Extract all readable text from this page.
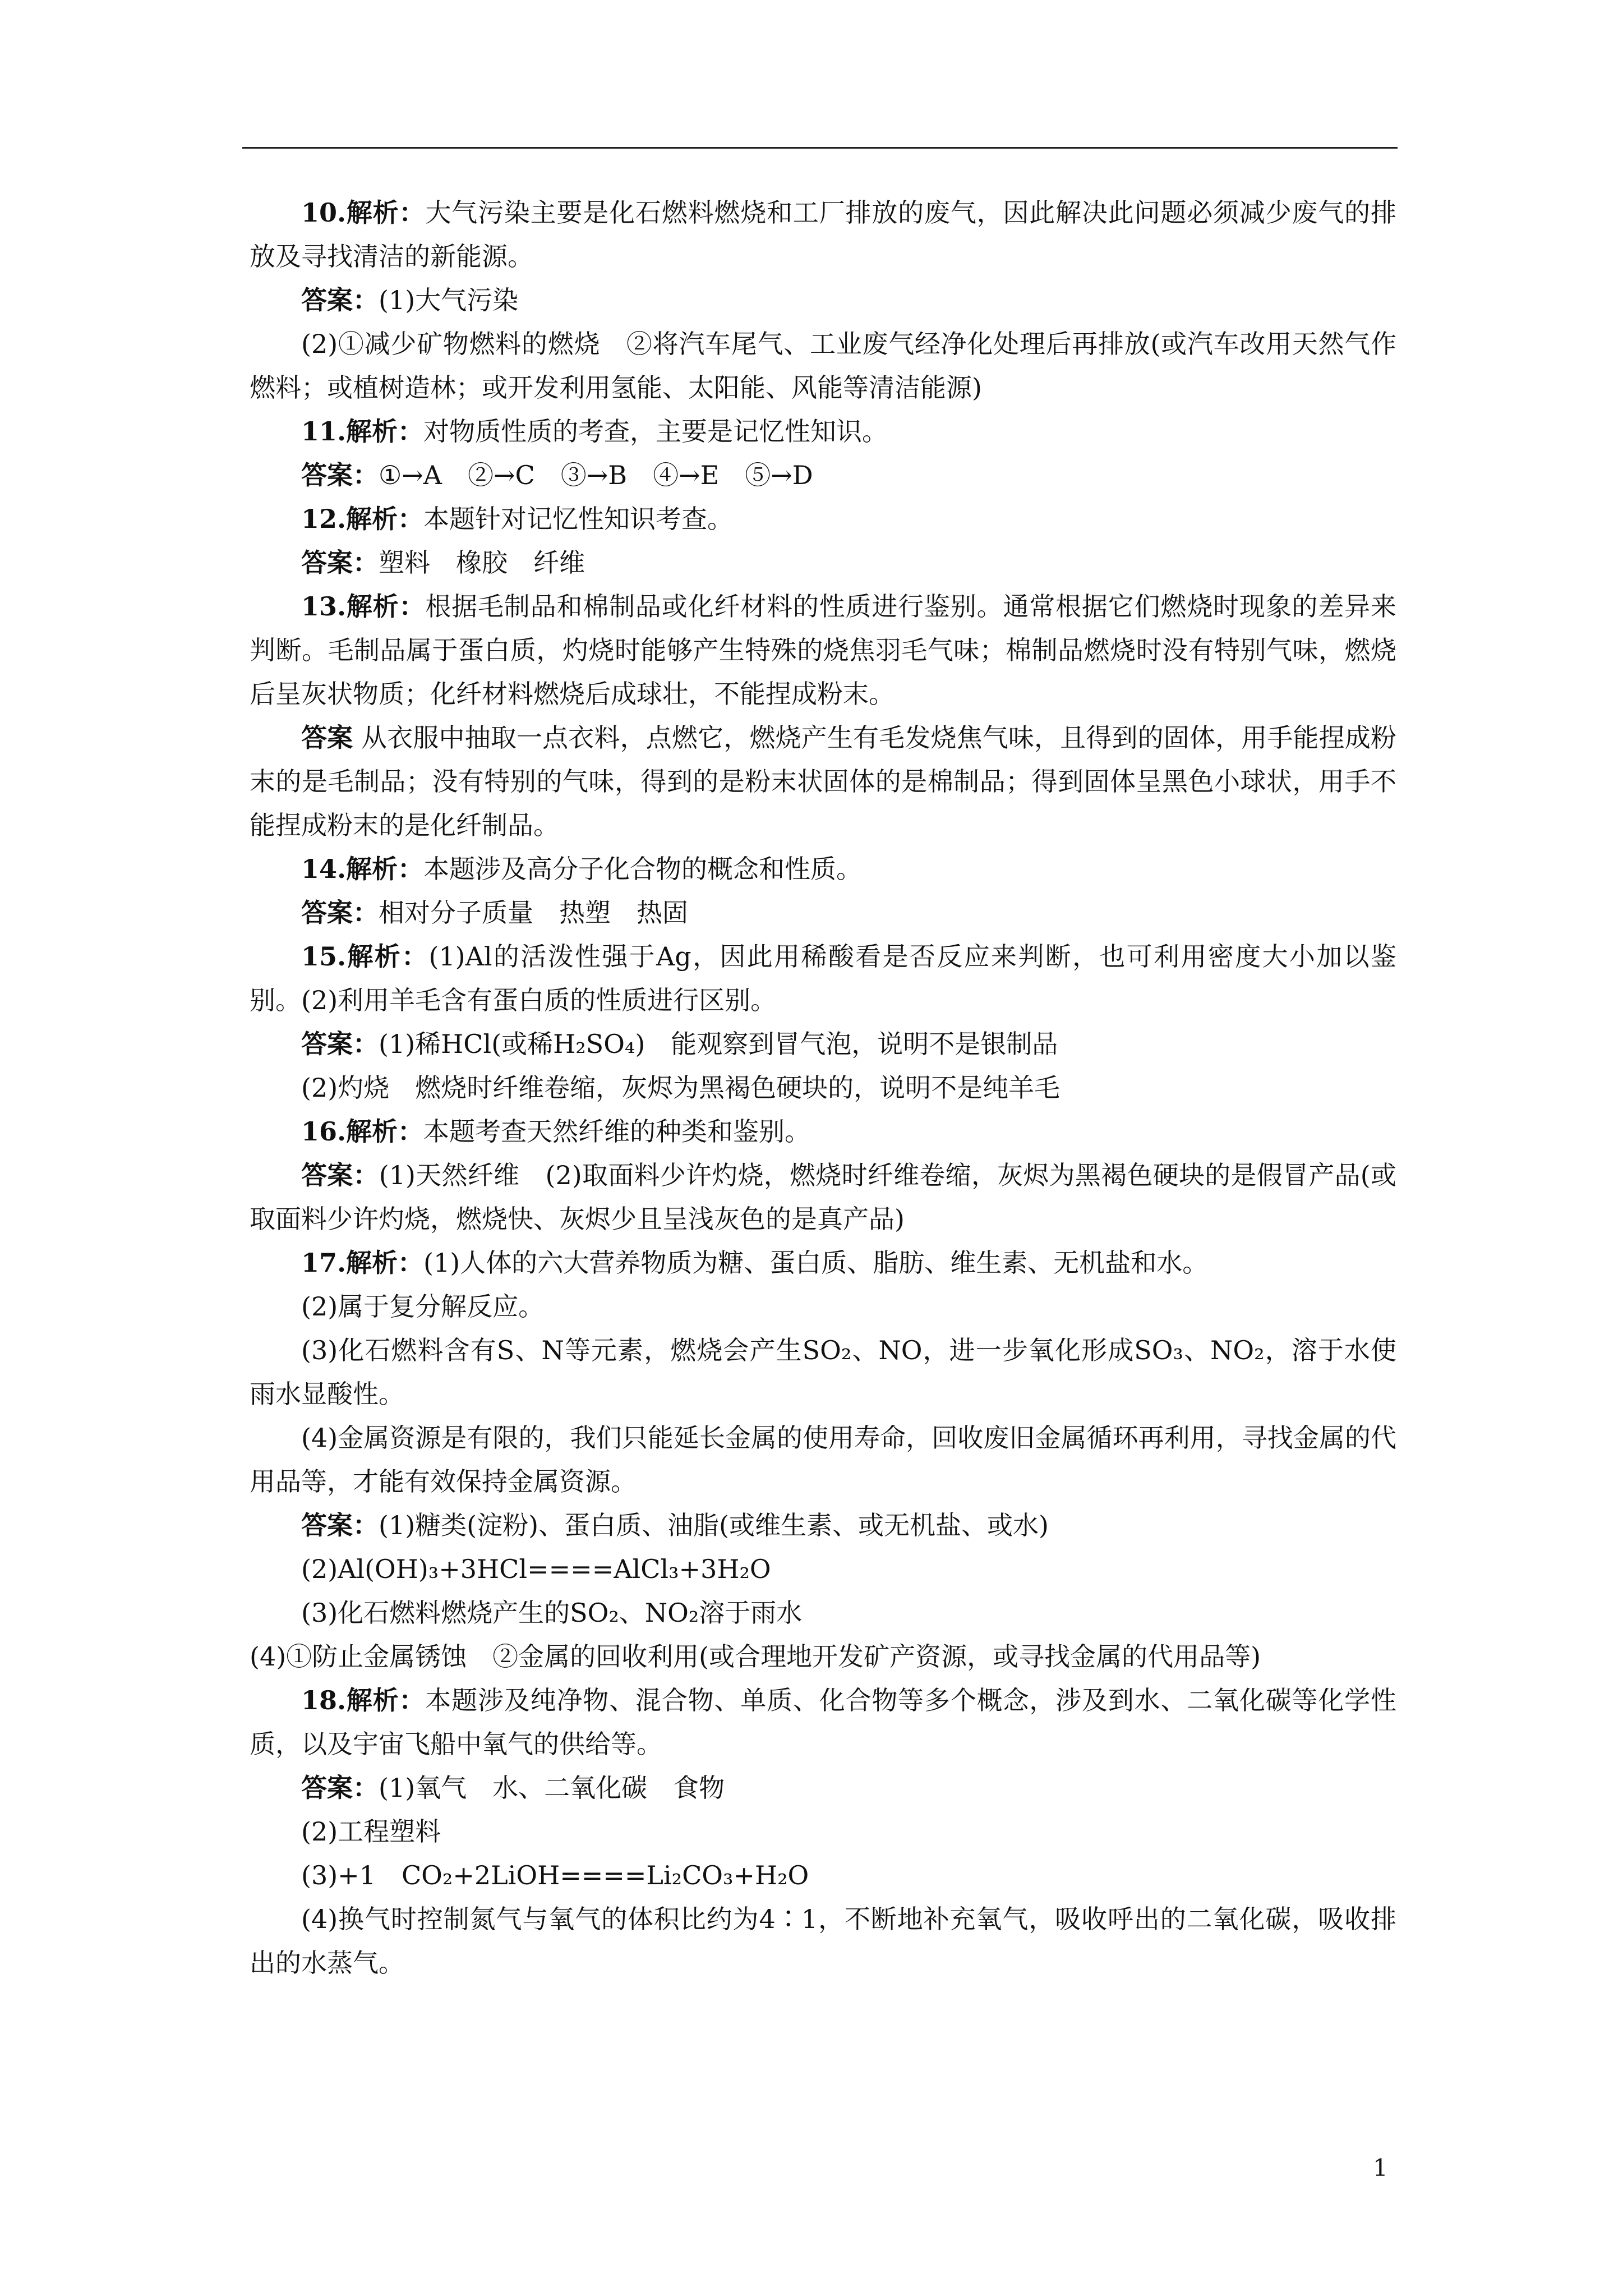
10.解析：大气污染主要是化石燃料燃烧和工厂排放的废气，因此解决此问题必须减少废气的排放及寻找清洁的新能源。

答案：(1)大气污染

(2)①减少矿物燃料的燃烧　②将汽车尾气、工业废气经净化处理后再排放(或汽车改用天然气作燃料；或植树造林；或开发利用氢能、太阳能、风能等清洁能源)

11.解析：对物质性质的考查，主要是记忆性知识。

答案：①→A　②→C　③→B　④→E　⑤→D

12.解析：本题针对记忆性知识考查。

答案：塑料　橡胶　纤维

13.解析：根据毛制品和棉制品或化纤材料的性质进行鉴别。通常根据它们燃烧时现象的差异来判断。毛制品属于蛋白质，灼烧时能够产生特殊的烧焦羽毛气味；棉制品燃烧时没有特别气味，燃烧后呈灰状物质；化纤材料燃烧后成球壮，不能捏成粉末。

答案 从衣服中抽取一点衣料，点燃它，燃烧产生有毛发烧焦气味，且得到的固体，用手能捏成粉末的是毛制品；没有特别的气味，得到的是粉末状固体的是棉制品；得到固体呈黑色小球状，用手不能捏成粉末的是化纤制品。

14.解析：本题涉及高分子化合物的概念和性质。

答案：相对分子质量　热塑　热固

15.解析：(1)Al的活泼性强于Ag，因此用稀酸看是否反应来判断，也可利用密度大小加以鉴别。(2)利用羊毛含有蛋白质的性质进行区别。

答案：(1)稀HCl(或稀H₂SO₄)　能观察到冒气泡，说明不是银制品

(2)灼烧　燃烧时纤维卷缩，灰烬为黑褐色硬块的，说明不是纯羊毛

16.解析：本题考查天然纤维的种类和鉴别。

答案：(1)天然纤维　(2)取面料少许灼烧，燃烧时纤维卷缩，灰烬为黑褐色硬块的是假冒产品(或取面料少许灼烧，燃烧快、灰烬少且呈浅灰色的是真产品)

17.解析：(1)人体的六大营养物质为糖、蛋白质、脂肪、维生素、无机盐和水。

(2)属于复分解反应。

(3)化石燃料含有S、N等元素，燃烧会产生SO₂、NO，进一步氧化形成SO₃、NO₂，溶于水使雨水显酸性。

(4)金属资源是有限的，我们只能延长金属的使用寿命，回收废旧金属循环再利用，寻找金属的代用品等，才能有效保持金属资源。

答案：(1)糖类(淀粉)、蛋白质、油脂(或维生素、或无机盐、或水)

(2)Al(OH)₃+3HCl====AlCl₃+3H₂O

(3)化石燃料燃烧产生的SO₂、NO₂溶于雨水

(4)①防止金属锈蚀　②金属的回收利用(或合理地开发矿产资源，或寻找金属的代用品等)

18.解析：本题涉及纯净物、混合物、单质、化合物等多个概念，涉及到水、二氧化碳等化学性质，以及宇宙飞船中氧气的供给等。

答案：(1)氧气　水、二氧化碳　食物

(2)工程塑料

(3)+1　CO₂+2LiOH====Li₂CO₃+H₂O

(4)换气时控制氮气与氧气的体积比约为4∶1，不断地补充氧气，吸收呼出的二氧化碳，吸收排出的水蒸气。

1
